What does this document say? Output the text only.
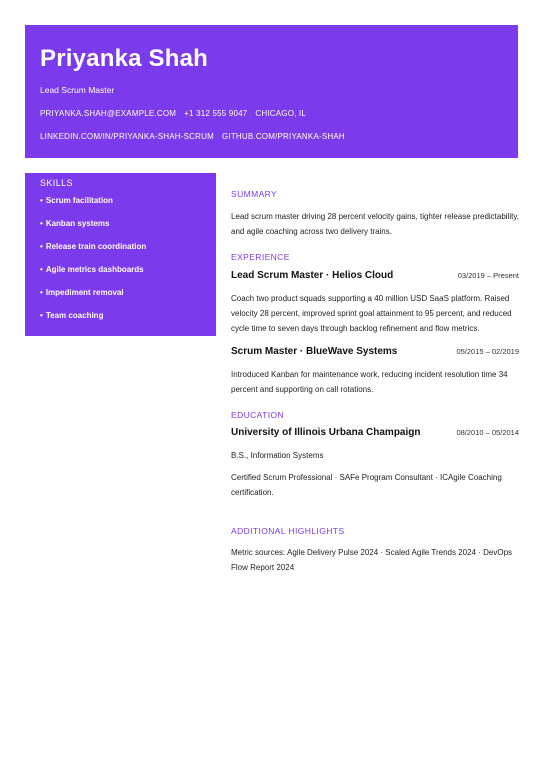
Priyanka Shah
Lead Scrum Master
PRIYANKA.SHAH@EXAMPLE.COM +1 312 555 9047 CHICAGO, IL
LINKEDIN.COM/IN/PRIYANKA-SHAH-SCRUM GITHUB.COM/PRIYANKA-SHAH
SKILLS
• Scrum facilitation
• Kanban systems
• Release train coordination
• Agile metrics dashboards
• Impediment removal
• Team coaching
SUMMARY
Lead scrum master driving 28 percent velocity gains, tighter release predictability, and agile coaching across two delivery trains.
EXPERIENCE
Lead Scrum Master · Helios Cloud	03/2019 – Present
Coach two product squads supporting a 40 million USD SaaS platform. Raised velocity 28 percent, improved sprint goal attainment to 95 percent, and reduced cycle time to seven days through backlog refinement and flow metrics.
Scrum Master · BlueWave Systems	05/2015 – 02/2019
Introduced Kanban for maintenance work, reducing incident resolution time 34 percent and supporting on call rotations.
EDUCATION
University of Illinois Urbana Champaign	08/2010 – 05/2014
B.S., Information Systems
Certified Scrum Professional · SAFe Program Consultant · ICAgile Coaching certification.
ADDITIONAL HIGHLIGHTS
Metric sources: Agile Delivery Pulse 2024 · Scaled Agile Trends 2024 · DevOps Flow Report 2024
